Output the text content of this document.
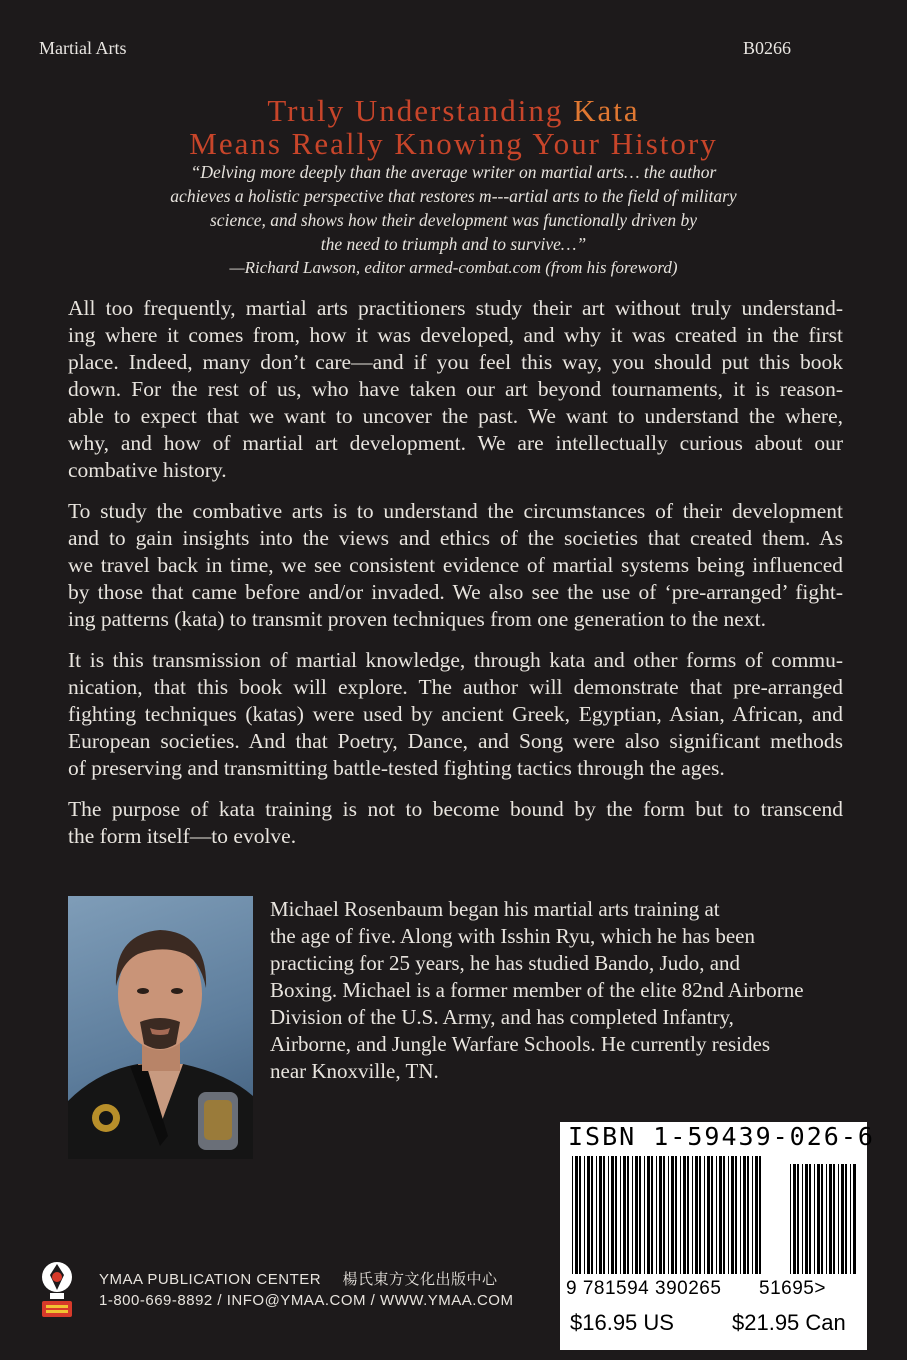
Martial Arts	B0266
Truly Understanding Kata
Means Really Knowing Your History
“Delving more deeply than the average writer on martial arts… the author
achieves a holistic perspective that restores m---artial arts to the field of military
science, and shows how their development was functionally driven by
the need to triumph and to survive…”
—Richard Lawson, editor armed-combat.com (from his foreword)

All too frequently, martial arts practitioners study their art without truly understand-
ing where it comes from, how it was developed, and why it was created in the first
place. Indeed, many don’t care—and if you feel this way, you should put this book
down. For the rest of us, who have taken our art beyond tournaments, it is reason-
able to expect that we want to uncover the past. We want to understand the where,
why, and how of martial art development. We are intellectually curious about our
combative history.

To study the combative arts is to understand the circumstances of their development
and to gain insights into the views and ethics of the societies that created them. As
we travel back in time, we see consistent evidence of martial systems being influenced
by those that came before and/or invaded. We also see the use of ‘pre-arranged’ fight-
ing patterns (kata) to transmit proven techniques from one generation to the next.

It is this transmission of martial knowledge, through kata and other forms of commu-
nication, that this book will explore. The author will demonstrate that pre-arranged
fighting techniques (katas) were used by ancient Greek, Egyptian, Asian, African, and
European societies. And that Poetry, Dance, and Song were also significant methods
of preserving and transmitting battle-tested fighting tactics through the ages.

The purpose of kata training is not to become bound by the form but to transcend
the form itself—to evolve.

Michael Rosenbaum began his martial arts training at
the age of five. Along with Isshin Ryu, which he has been
practicing for 25 years, he has studied Bando, Judo, and
Boxing. Michael is a former member of the elite 82nd Airborne
Division of the U.S. Army, and has completed Infantry,
Airborne, and Jungle Warfare Schools. He currently resides
near Knoxville, TN.
ISBN 1-59439-026-6
9 781594 390265 51695>
$16.95 US	$21.95 Can
YMAA PUBLICATION CENTER 楊氏東方文化出版中心
1-800-669-8892 / INFO@YMAA.COM / WWW.YMAA.COM
